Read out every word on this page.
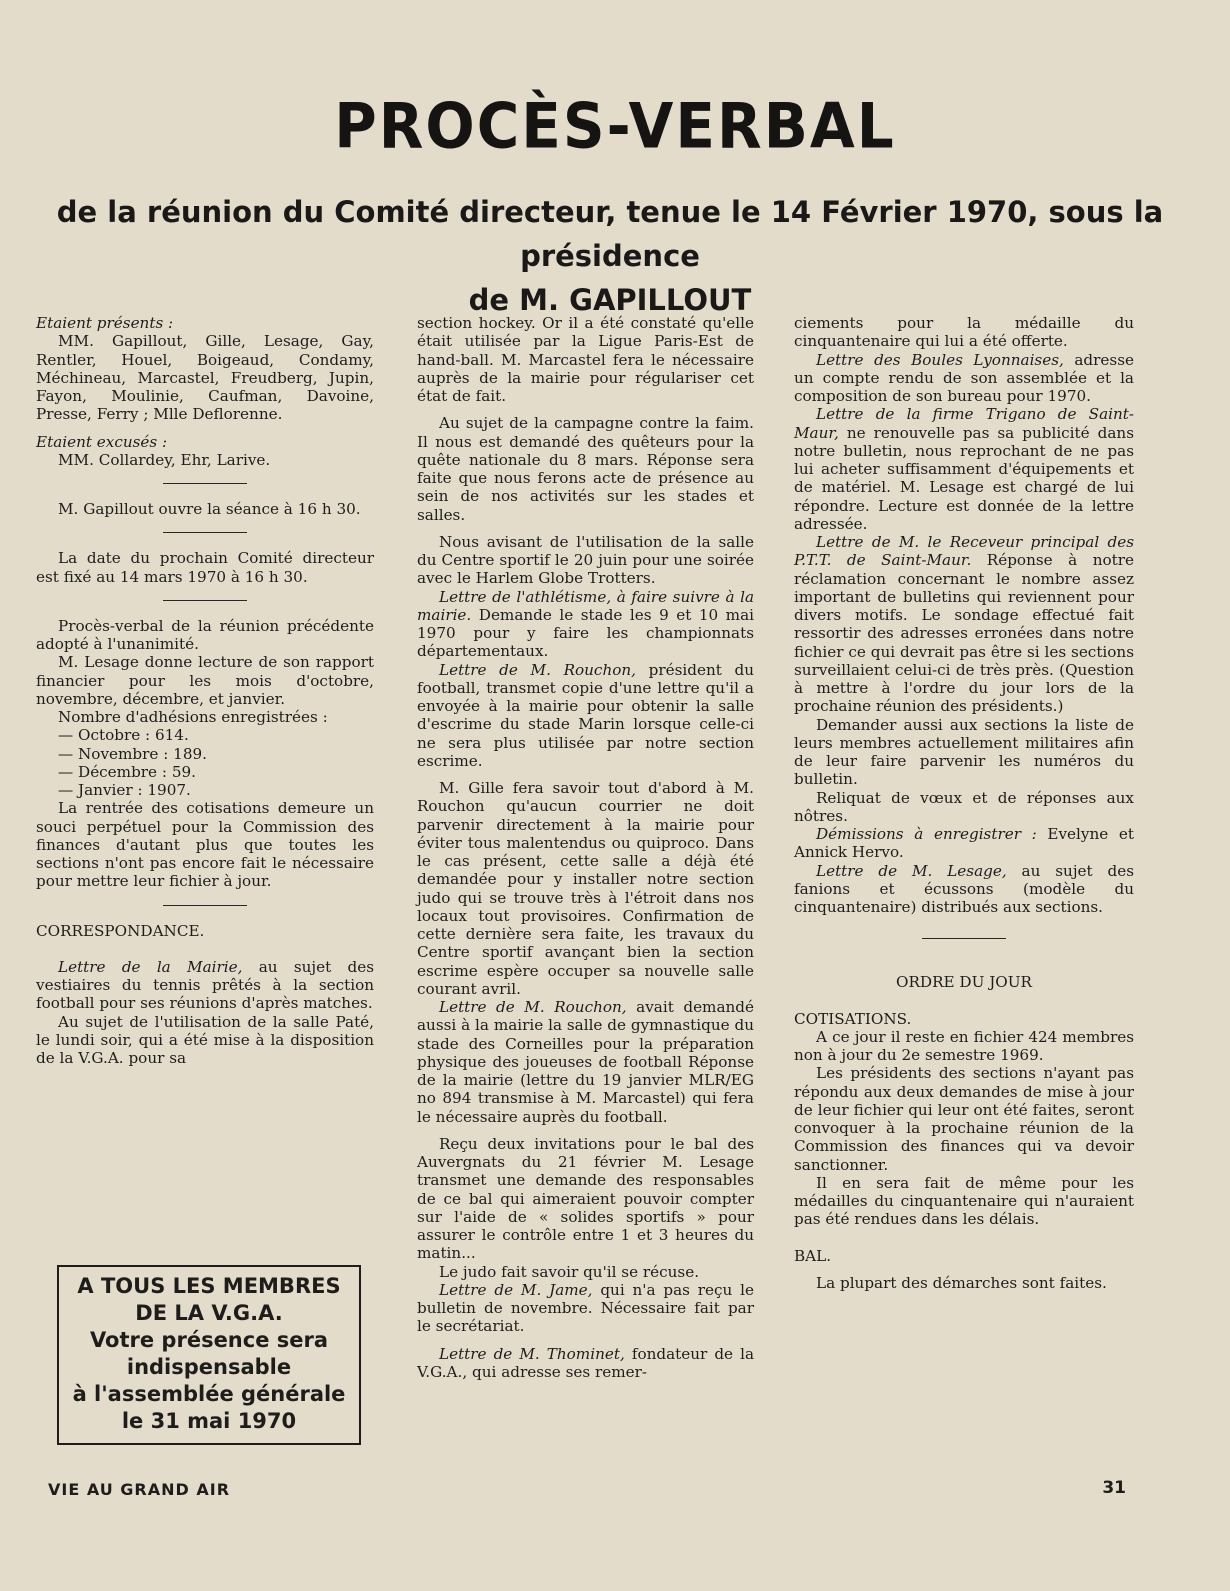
PROCÈS-VERBAL
de la réunion du Comité directeur, tenue le 14 Février 1970, sous la présidence
de M. GAPILLOUT

Etaient présents :

MM. Gapillout, Gille, Lesage, Gay, Rentler, Houel, Boigeaud, Condamy, Méchineau, Marcastel, Freudberg, Jupin, Fayon, Moulinie, Caufman, Davoine, Presse, Ferry ; Mlle Deflorenne.

Etaient excusés :

MM. Collardey, Ehr, Larive.

M. Gapillout ouvre la séance à 16 h 30.

La date du prochain Comité directeur est fixé au 14 mars 1970 à 16 h 30.

Procès-verbal de la réunion précédente adopté à l'unanimité.

M. Lesage donne lecture de son rapport financier pour les mois d'octobre, novembre, décembre, et janvier.

Nombre d'adhésions enregistrées :

— Octobre : 614.
— Novembre : 189.
— Décembre : 59.
— Janvier : 1907.

La rentrée des cotisations demeure un souci perpétuel pour la Commission des finances d'autant plus que toutes les sections n'ont pas encore fait le nécessaire pour mettre leur fichier à jour.

CORRESPONDANCE.

Lettre de la Mairie, au sujet des vestiaires du tennis prêtés à la section football pour ses réunions d'après matches.

Au sujet de l'utilisation de la salle Paté, le lundi soir, qui a été mise à la disposition de la V.G.A. pour sa

section hockey. Or il a été constaté qu'elle était utilisée par la Ligue Paris-Est de hand-ball. M. Marcastel fera le nécessaire auprès de la mairie pour régulariser cet état de fait.

Au sujet de la campagne contre la faim. Il nous est demandé des quêteurs pour la quête nationale du 8 mars. Réponse sera faite que nous ferons acte de présence au sein de nos activités sur les stades et salles.

Nous avisant de l'utilisation de la salle du Centre sportif le 20 juin pour une soirée avec le Harlem Globe Trotters.

Lettre de l'athlétisme, à faire suivre à la mairie. Demande le stade les 9 et 10 mai 1970 pour y faire les championnats départementaux.

Lettre de M. Rouchon, président du football, transmet copie d'une lettre qu'il a envoyée à la mairie pour obtenir la salle d'escrime du stade Marin lorsque celle-ci ne sera plus utilisée par notre section escrime.

M. Gille fera savoir tout d'abord à M. Rouchon qu'aucun courrier ne doit parvenir directement à la mairie pour éviter tous malentendus ou quiproco. Dans le cas présent, cette salle a déjà été demandée pour y installer notre section judo qui se trouve très à l'étroit dans nos locaux tout provisoires. Confirmation de cette dernière sera faite, les travaux du Centre sportif avançant bien la section escrime espère occuper sa nouvelle salle courant avril.

Lettre de M. Rouchon, avait demandé aussi à la mairie la salle de gymnastique du stade des Corneilles pour la préparation physique des joueuses de football Réponse de la mairie (lettre du 19 janvier MLR/EG no 894 transmise à M. Marcastel) qui fera le nécessaire auprès du football.

Reçu deux invitations pour le bal des Auvergnats du 21 février M. Lesage transmet une demande des responsables de ce bal qui aimeraient pouvoir compter sur l'aide de « solides sportifs » pour assurer le contrôle entre 1 et 3 heures du matin...

Le judo fait savoir qu'il se récuse.

Lettre de M. Jame, qui n'a pas reçu le bulletin de novembre. Nécessaire fait par le secrétariat.

Lettre de M. Thominet, fondateur de la V.G.A., qui adresse ses remer-

ciements pour la médaille du cinquantenaire qui lui a été offerte.

Lettre des Boules Lyonnaises, adresse un compte rendu de son assemblée et la composition de son bureau pour 1970.

Lettre de la firme Trigano de Saint-Maur, ne renouvelle pas sa publicité dans notre bulletin, nous reprochant de ne pas lui acheter suffisamment d'équipements et de matériel. M. Lesage est chargé de lui répondre. Lecture est donnée de la lettre adressée.

Lettre de M. le Receveur principal des P.T.T. de Saint-Maur. Réponse à notre réclamation concernant le nombre assez important de bulletins qui reviennent pour divers motifs. Le sondage effectué fait ressortir des adresses erronées dans notre fichier ce qui devrait pas être si les sections surveillaient celui-ci de très près. (Question à mettre à l'ordre du jour lors de la prochaine réunion des présidents.)

Demander aussi aux sections la liste de leurs membres actuellement militaires afin de leur faire parvenir les numéros du bulletin.

Reliquat de vœux et de réponses aux nôtres.

Démissions à enregistrer : Evelyne et Annick Hervo.

Lettre de M. Lesage, au sujet des fanions et écussons (modèle du cinquantenaire) distribués aux sections.

ORDRE DU JOUR

COTISATIONS.

A ce jour il reste en fichier 424 membres non à jour du 2e semestre 1969.

Les présidents des sections n'ayant pas répondu aux deux demandes de mise à jour de leur fichier qui leur ont été faites, seront convoquer à la prochaine réunion de la Commission des finances qui va devoir sanctionner.

Il en sera fait de même pour les médailles du cinquantenaire qui n'auraient pas été rendues dans les délais.

BAL.

La plupart des démarches sont faites.

A TOUS LES MEMBRES
DE LA V.G.A.
Votre présence sera
indispensable
à l'assemblée générale
le 31 mai 1970
VIE AU GRAND AIR	31
